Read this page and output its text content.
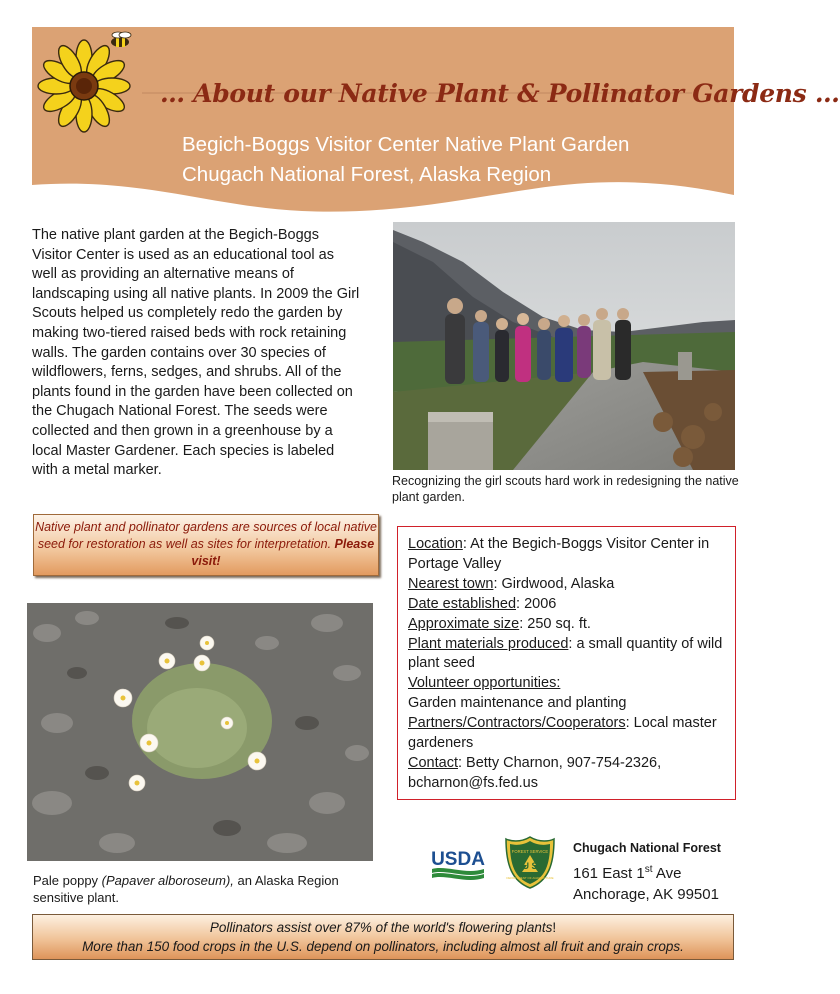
… About our Native Plant & Pollinator Gardens …
Begich-Boggs Visitor Center Native Plant Garden
Chugach National Forest, Alaska Region
The native plant garden at the Begich-Boggs Visitor Center is used as an educational tool as well as providing an alternative means of landscaping using all native plants. In 2009 the Girl Scouts helped us completely redo the garden by making two-tiered raised beds with rock retaining walls. The garden contains over 30 species of wildflowers, ferns, sedges, and shrubs. All of the plants found in the garden have been collected on the Chugach National Forest. The seeds were collected and then grown in a greenhouse by a local Master Gardener. Each species is labeled with a metal marker.
Recognizing the girl scouts hard work in redesigning the native plant garden.
Native plant and pollinator gardens are sources of local native seed for restoration as well as sites for interpretation. Please visit!
Pale poppy (Papaver alboroseum), an Alaska Region sensitive plant.
Location: At the Begich-Boggs Visitor Center in Portage Valley
Nearest town: Girdwood, Alaska
Date established: 2006
Approximate size: 250 sq. ft.
Plant materials produced: a small quantity of wild plant seed
Volunteer opportunities:
Garden maintenance and planting
Partners/Contractors/Cooperators: Local master gardeners
Contact: Betty Charnon, 907-754-2326, bcharnon@fs.fed.us
USDA	FOREST SERVICE
U S
DEPARTMENT OF AGRICULTURE
Chugach National Forest
161 East 1st Ave
Anchorage, AK 99501
Pollinators assist over 87% of the world's flowering plants!
More than 150 food crops in the U.S. depend on pollinators, including almost all fruit and grain crops.
